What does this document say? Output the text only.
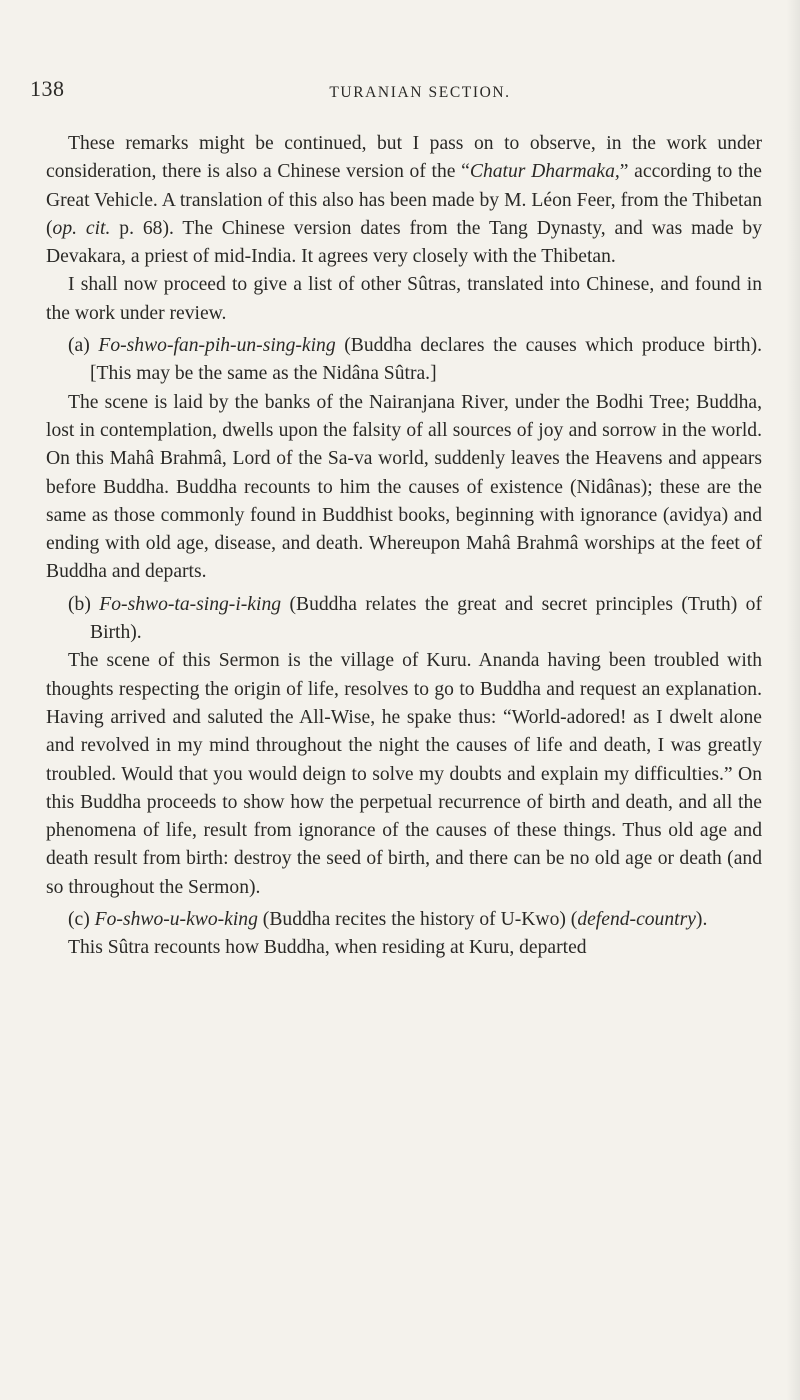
138	TURANIAN SECTION.

These remarks might be continued, but I pass on to observe, in the work under consideration, there is also a Chinese version of the “Chatur Dharmaka,” according to the Great Vehicle. A translation of this also has been made by M. Léon Feer, from the Thibetan (op. cit. p. 68). The Chinese version dates from the Tang Dynasty, and was made by Devakara, a priest of mid-India. It agrees very closely with the Thibetan.

I shall now proceed to give a list of other Sûtras, translated into Chinese, and found in the work under review.

(a) Fo-shwo-fan-pih-un-sing-king (Buddha declares the causes which produce birth). [This may be the same as the Nidâna Sûtra.]

The scene is laid by the banks of the Nairanjana River, under the Bodhi Tree; Buddha, lost in contemplation, dwells upon the falsity of all sources of joy and sorrow in the world. On this Mahâ Brahmâ, Lord of the Sa-va world, suddenly leaves the Heavens and appears before Buddha. Buddha recounts to him the causes of existence (Nidânas); these are the same as those commonly found in Buddhist books, beginning with ignorance (avidya) and ending with old age, disease, and death. Whereupon Mahâ Brahmâ worships at the feet of Buddha and departs.

(b) Fo-shwo-ta-sing-i-king (Buddha relates the great and secret principles (Truth) of Birth).

The scene of this Sermon is the village of Kuru. Ananda having been troubled with thoughts respecting the origin of life, resolves to go to Buddha and request an explanation. Having arrived and saluted the All-Wise, he spake thus: “World-adored! as I dwelt alone and revolved in my mind throughout the night the causes of life and death, I was greatly troubled. Would that you would deign to solve my doubts and explain my difficulties.” On this Buddha proceeds to show how the perpetual recurrence of birth and death, and all the phenomena of life, result from ignorance of the causes of these things. Thus old age and death result from birth: destroy the seed of birth, and there can be no old age or death (and so throughout the Sermon).

(c) Fo-shwo-u-kwo-king (Buddha recites the history of U-Kwo) (defend-country).

This Sûtra recounts how Buddha, when residing at Kuru, departed
